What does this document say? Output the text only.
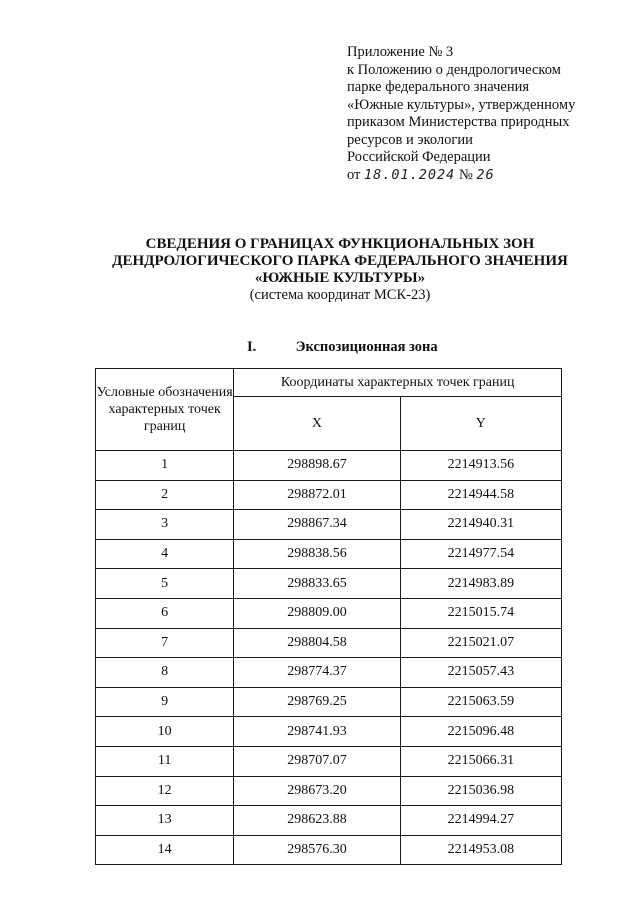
Приложение № 3
к Положению о дендрологическом
парке федерального значения
«Южные культуры», утвержденному
приказом Министерства природных
ресурсов и экологии
Российской Федерации
от 18.01.2024 № 26
СВЕДЕНИЯ О ГРАНИЦАХ ФУНКЦИОНАЛЬНЫХ ЗОН
ДЕНДРОЛОГИЧЕСКОГО ПАРКА ФЕДЕРАЛЬНОГО ЗНАЧЕНИЯ
«ЮЖНЫЕ КУЛЬТУРЫ»
(система координат МСК-23)
I.	Экспозиционная зона
Условные обозначения характерных точек границ	Координаты характерных точек границ	
	X	Y
1	298898.67	2214913.56
2	298872.01	2214944.58
3	298867.34	2214940.31
4	298838.56	2214977.54
5	298833.65	2214983.89
6	298809.00	2215015.74
7	298804.58	2215021.07
8	298774.37	2215057.43
9	298769.25	2215063.59
10	298741.93	2215096.48
11	298707.07	2215066.31
12	298673.20	2215036.98
13	298623.88	2214994.27
14	298576.30	2214953.08
